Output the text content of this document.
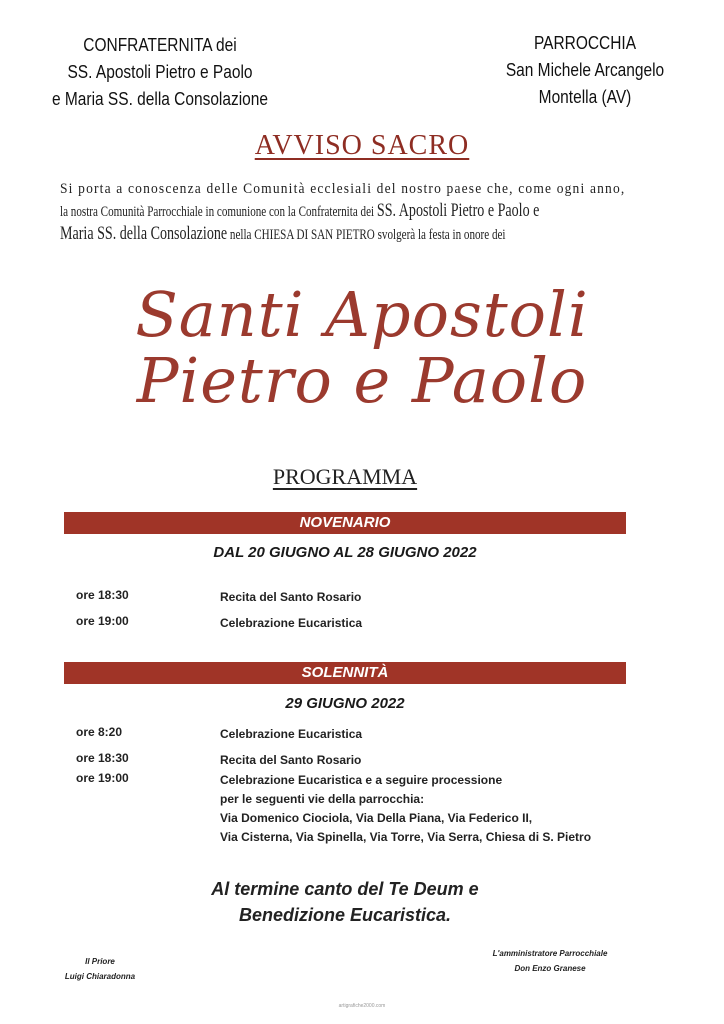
CONFRATERNITA dei
SS. Apostoli Pietro e Paolo
e Maria SS. della Consolazione
PARROCCHIA
San Michele Arcangelo
Montella (AV)
AVVISO SACRO
Si porta a conoscenza delle Comunità ecclesiali del nostro paese che, come ogni anno,
la nostra Comunità Parrocchiale in comunione con la Confraternita dei SS. Apostoli Pietro e Paolo e
Maria SS. della Consolazione nella CHIESA DI SAN PIETRO svolgerà la festa in onore dei
Santi Apostoli
Pietro e Paolo
PROGRAMMA
NOVENARIO
DAL 20 GIUGNO AL 28 GIUGNO 2022
ore 18:30	Recita del Santo Rosario
ore 19:00	Celebrazione Eucaristica
SOLENNITÀ
29 GIUGNO 2022
ore 8:20	Celebrazione Eucaristica
ore 18:30	Recita del Santo Rosario
ore 19:00	Celebrazione Eucaristica e a seguire processione
per le seguenti vie della parrocchia:
Via Domenico Ciociola, Via Della Piana, Via Federico II,
Via Cisterna, Via Spinella, Via Torre, Via Serra, Chiesa di S. Pietro
Al termine canto del Te Deum e
Benedizione Eucaristica.
Il Priore
Luigi Chiaradonna
L'amministratore Parrocchiale
Don Enzo Granese
artigrafiche2000.com
